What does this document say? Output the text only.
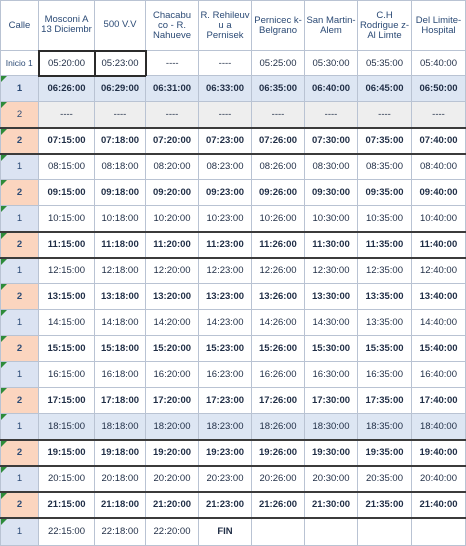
Calle	Mosconi A 13 Diciembr	500 V.V	Chacabu co - R. Nahueve	R. Rehileuv u a Pernisek	Pernicec k- Belgrano	San Martin- Alem	C.H Rodrigue z-Al Limte	Del Limite- Hospital
Inicio 1	05:20:00	05:23:00	----	----	05:25:00	05:30:00	05:35:00	05:40:00

1	06:26:00	06:29:00	06:31:00	06:33:00	06:35:00	06:40:00	06:45:00	06:50:00

2	----	----	----	----	----	----	----	----

2	07:15:00	07:18:00	07:20:00	07:23:00	07:26:00	07:30:00	07:35:00	07:40:00

1	08:15:00	08:18:00	08:20:00	08:23:00	08:26:00	08:30:00	08:35:00	08:40:00

2	09:15:00	09:18:00	09:20:00	09:23:00	09:26:00	09:30:00	09:35:00	09:40:00

1	10:15:00	10:18:00	10:20:00	10:23:00	10:26:00	10:30:00	10:35:00	10:40:00

2	11:15:00	11:18:00	11:20:00	11:23:00	11:26:00	11:30:00	11:35:00	11:40:00

1	12:15:00	12:18:00	12:20:00	12:23:00	12:26:00	12:30:00	12:35:00	12:40:00

2	13:15:00	13:18:00	13:20:00	13:23:00	13:26:00	13:30:00	13:35:00	13:40:00

1	14:15:00	14:18:00	14:20:00	14:23:00	14:26:00	14:30:00	13:35:00	14:40:00

2	15:15:00	15:18:00	15:20:00	15:23:00	15:26:00	15:30:00	15:35:00	15:40:00

1	16:15:00	16:18:00	16:20:00	16:23:00	16:26:00	16:30:00	16:35:00	16:40:00

2	17:15:00	17:18:00	17:20:00	17:23:00	17:26:00	17:30:00	17:35:00	17:40:00

1	18:15:00	18:18:00	18:20:00	18:23:00	18:26:00	18:30:00	18:35:00	18:40:00

2	19:15:00	19:18:00	19:20:00	19:23:00	19:26:00	19:30:00	19:35:00	19:40:00

1	20:15:00	20:18:00	20:20:00	20:23:00	20:26:00	20:30:00	20:35:00	20:40:00

2	21:15:00	21:18:00	21:20:00	21:23:00	21:26:00	21:30:00	21:35:00	21:40:00

1	22:15:00	22:18:00	22:20:00	FIN				
